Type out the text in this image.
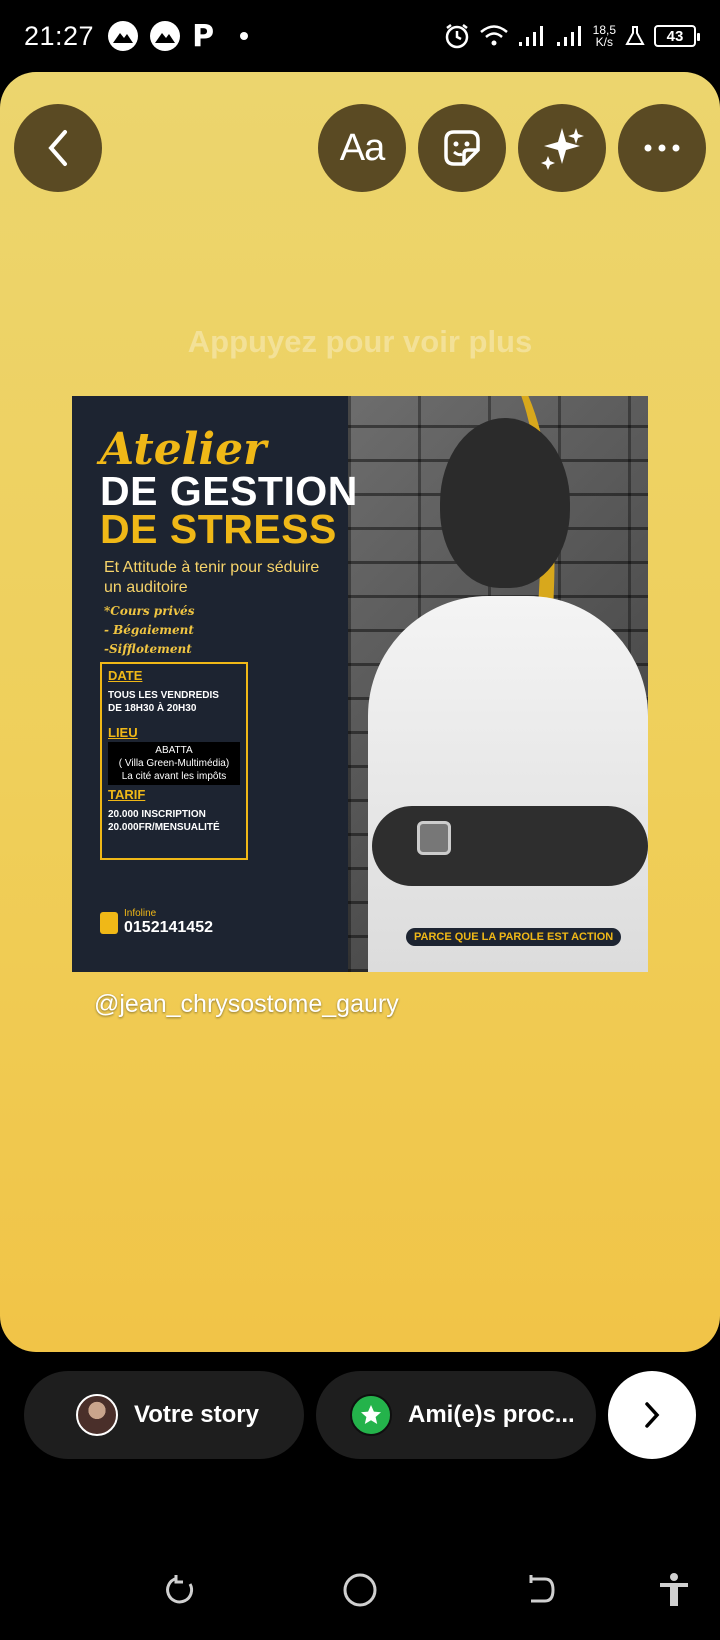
21:27	P	18,5
K/s	43
Aa
Appuyez pour voir plus
Atelier
DE GESTION
DE STRESS
Et Attitude à tenir pour séduire un auditoire
*Cours privés
- Bégaiement
-Sifflotement
DATE
TOUS LES VENDREDIS
DE 18H30 À 20H30
LIEU
ABATTA
( Villa Green-Multimédia)
La cité avant les impôts
TARIF
20.000 INSCRIPTION
20.000FR/MENSUALITÉ
Infoline
0152141452
PARCE QUE LA PAROLE EST ACTION
@jean_chrysostome_gaury
Votre story	Ami(e)s proc...
